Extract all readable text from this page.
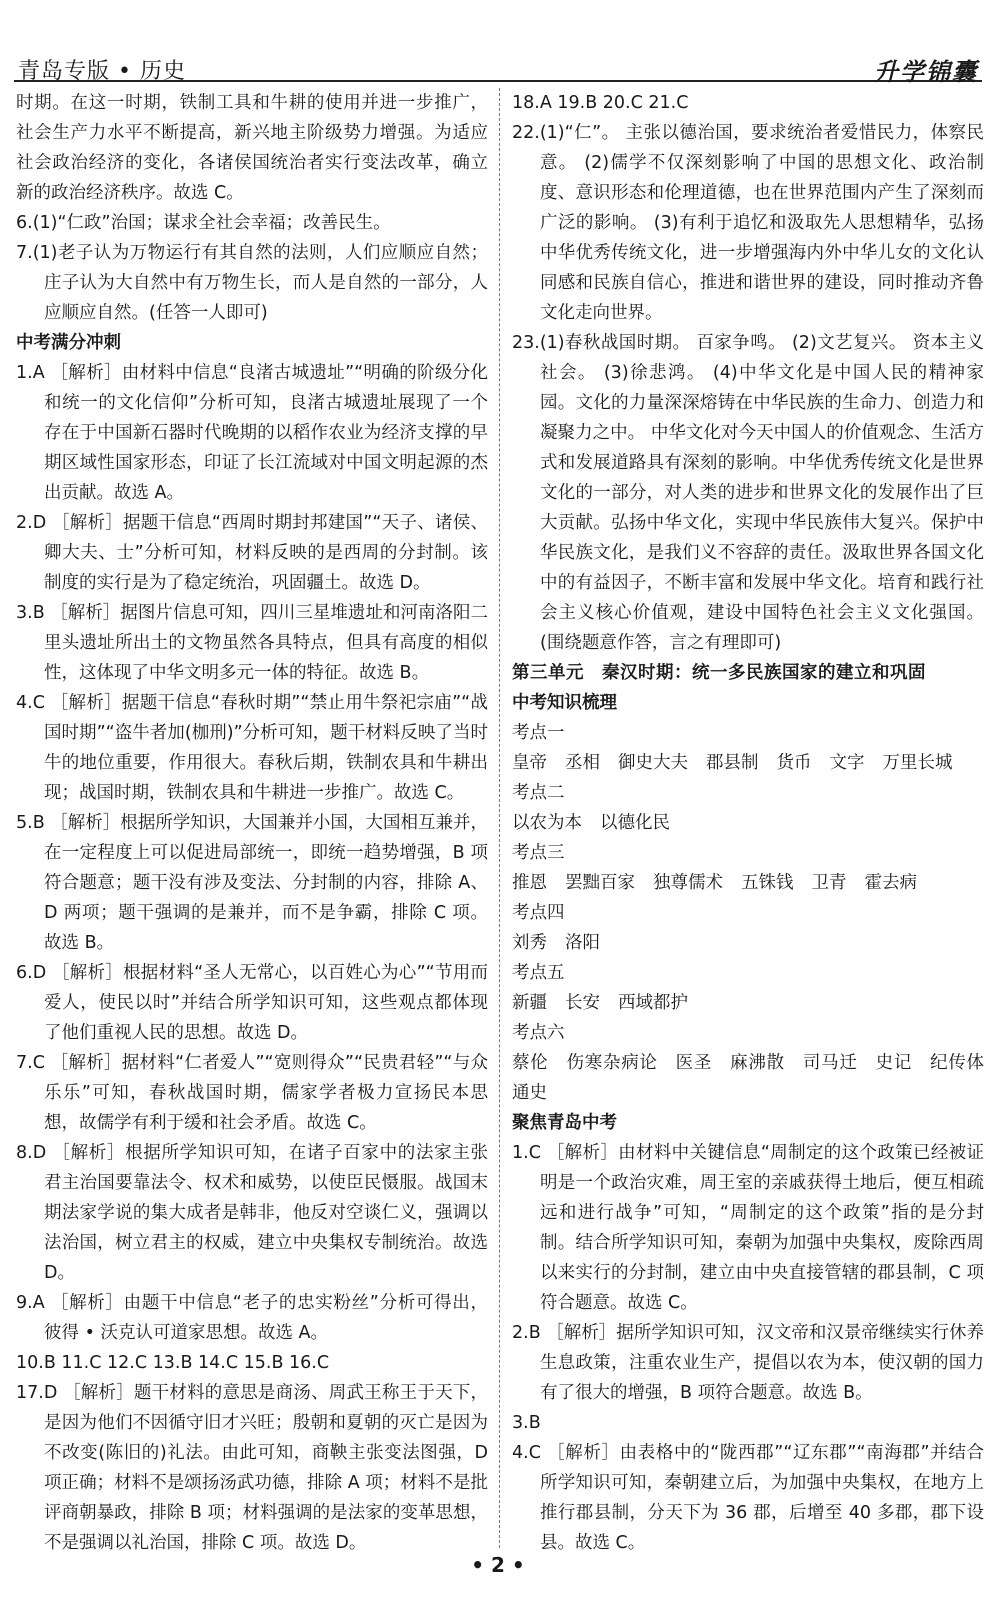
青岛专版 • 历史	升学锦囊

时期。在这一时期，铁制工具和牛耕的使用并进一步推广，社会生产力水平不断提高，新兴地主阶级势力增强。为适应社会政治经济的变化，各诸侯国统治者实行变法改革，确立新的政治经济秩序。故选 C。

6.(1)“仁政”治国；谋求全社会幸福；改善民生。

7.(1)老子认为万物运行有其自然的法则，人们应顺应自然；庄子认为大自然中有万物生长，而人是自然的一部分，人应顺应自然。(任答一人即可)

中考满分冲刺

1.A ［解析］由材料中信息“良渚古城遗址”“明确的阶级分化和统一的文化信仰”分析可知，良渚古城遗址展现了一个存在于中国新石器时代晚期的以稻作农业为经济支撑的早期区域性国家形态，印证了长江流域对中国文明起源的杰出贡献。故选 A。

2.D ［解析］据题干信息“西周时期封邦建国”“天子、诸侯、卿大夫、士”分析可知，材料反映的是西周的分封制。该制度的实行是为了稳定统治，巩固疆土。故选 D。

3.B ［解析］据图片信息可知，四川三星堆遗址和河南洛阳二里头遗址所出土的文物虽然各具特点，但具有高度的相似性，这体现了中华文明多元一体的特征。故选 B。

4.C ［解析］据题干信息“春秋时期”“禁止用牛祭祀宗庙”“战国时期”“盗牛者加(枷刑)”分析可知，题干材料反映了当时牛的地位重要，作用很大。春秋后期，铁制农具和牛耕出现；战国时期，铁制农具和牛耕进一步推广。故选 C。

5.B ［解析］根据所学知识，大国兼并小国，大国相互兼并，在一定程度上可以促进局部统一，即统一趋势增强，B 项符合题意；题干没有涉及变法、分封制的内容，排除 A、D 两项；题干强调的是兼并，而不是争霸，排除 C 项。故选 B。

6.D ［解析］根据材料“圣人无常心，以百姓心为心”“节用而爱人，使民以时”并结合所学知识可知，这些观点都体现了他们重视人民的思想。故选 D。

7.C ［解析］据材料“仁者爱人”“宽则得众”“民贵君轻”“与众乐乐”可知，春秋战国时期，儒家学者极力宣扬民本思想，故儒学有利于缓和社会矛盾。故选 C。

8.D ［解析］根据所学知识可知，在诸子百家中的法家主张君主治国要靠法令、权术和威势，以使臣民慑服。战国末期法家学说的集大成者是韩非，他反对空谈仁义，强调以法治国，树立君主的权威，建立中央集权专制统治。故选 D。

9.A ［解析］由题干中信息“老子的忠实粉丝”分析可得出，彼得 • 沃克认可道家思想。故选 A。

10.B 11.C 12.C 13.B 14.C 15.B 16.C

17.D ［解析］题干材料的意思是商汤、周武王称王于天下，是因为他们不因循守旧才兴旺；殷朝和夏朝的灭亡是因为不改变(陈旧的)礼法。由此可知，商鞅主张变法图强，D 项正确；材料不是颂扬汤武功德，排除 A 项；材料不是批评商朝暴政，排除 B 项；材料强调的是法家的变革思想，不是强调以礼治国，排除 C 项。故选 D。

18.A 19.B 20.C 21.C

22.(1)“仁”。 主张以德治国，要求统治者爱惜民力，体察民意。 (2)儒学不仅深刻影响了中国的思想文化、政治制度、意识形态和伦理道德，也在世界范围内产生了深刻而广泛的影响。 (3)有利于追忆和汲取先人思想精华，弘扬中华优秀传统文化，进一步增强海内外中华儿女的文化认同感和民族自信心，推进和谐世界的建设，同时推动齐鲁文化走向世界。

23.(1)春秋战国时期。 百家争鸣。 (2)文艺复兴。 资本主义社会。 (3)徐悲鸿。 (4)中华文化是中国人民的精神家园。文化的力量深深熔铸在中华民族的生命力、创造力和凝聚力之中。 中华文化对今天中国人的价值观念、生活方式和发展道路具有深刻的影响。中华优秀传统文化是世界文化的一部分，对人类的进步和世界文化的发展作出了巨大贡献。弘扬中华文化，实现中华民族伟大复兴。保护中华民族文化，是我们义不容辞的责任。汲取世界各国文化中的有益因子，不断丰富和发展中华文化。培育和践行社会主义核心价值观，建设中国特色社会主义文化强国。(围绕题意作答，言之有理即可)

第三单元　秦汉时期：统一多民族国家的建立和巩固

中考知识梳理

考点一

皇帝 丞相 御史大夫 郡县制 货币 文字 万里长城

考点二

以农为本 以德化民

考点三

推恩 罢黜百家 独尊儒术 五铢钱 卫青 霍去病

考点四

刘秀 洛阳

考点五

新疆 长安 西域都护

考点六

蔡伦 伤寒杂病论 医圣 麻沸散 司马迁 史记 纪传体通史

聚焦青岛中考

1.C ［解析］由材料中关键信息“周制定的这个政策已经被证明是一个政治灾难，周王室的亲戚获得土地后，便互相疏远和进行战争”可知，“周制定的这个政策”指的是分封制。结合所学知识可知，秦朝为加强中央集权，废除西周以来实行的分封制，建立由中央直接管辖的郡县制，C 项符合题意。故选 C。

2.B ［解析］据所学知识可知，汉文帝和汉景帝继续实行休养生息政策，注重农业生产，提倡以农为本，使汉朝的国力有了很大的增强，B 项符合题意。故选 B。

3.B

4.C ［解析］由表格中的“陇西郡”“辽东郡”“南海郡”并结合所学知识可知，秦朝建立后，为加强中央集权，在地方上推行郡县制，分天下为 36 郡，后增至 40 多郡，郡下设县。故选 C。

• 2 •
